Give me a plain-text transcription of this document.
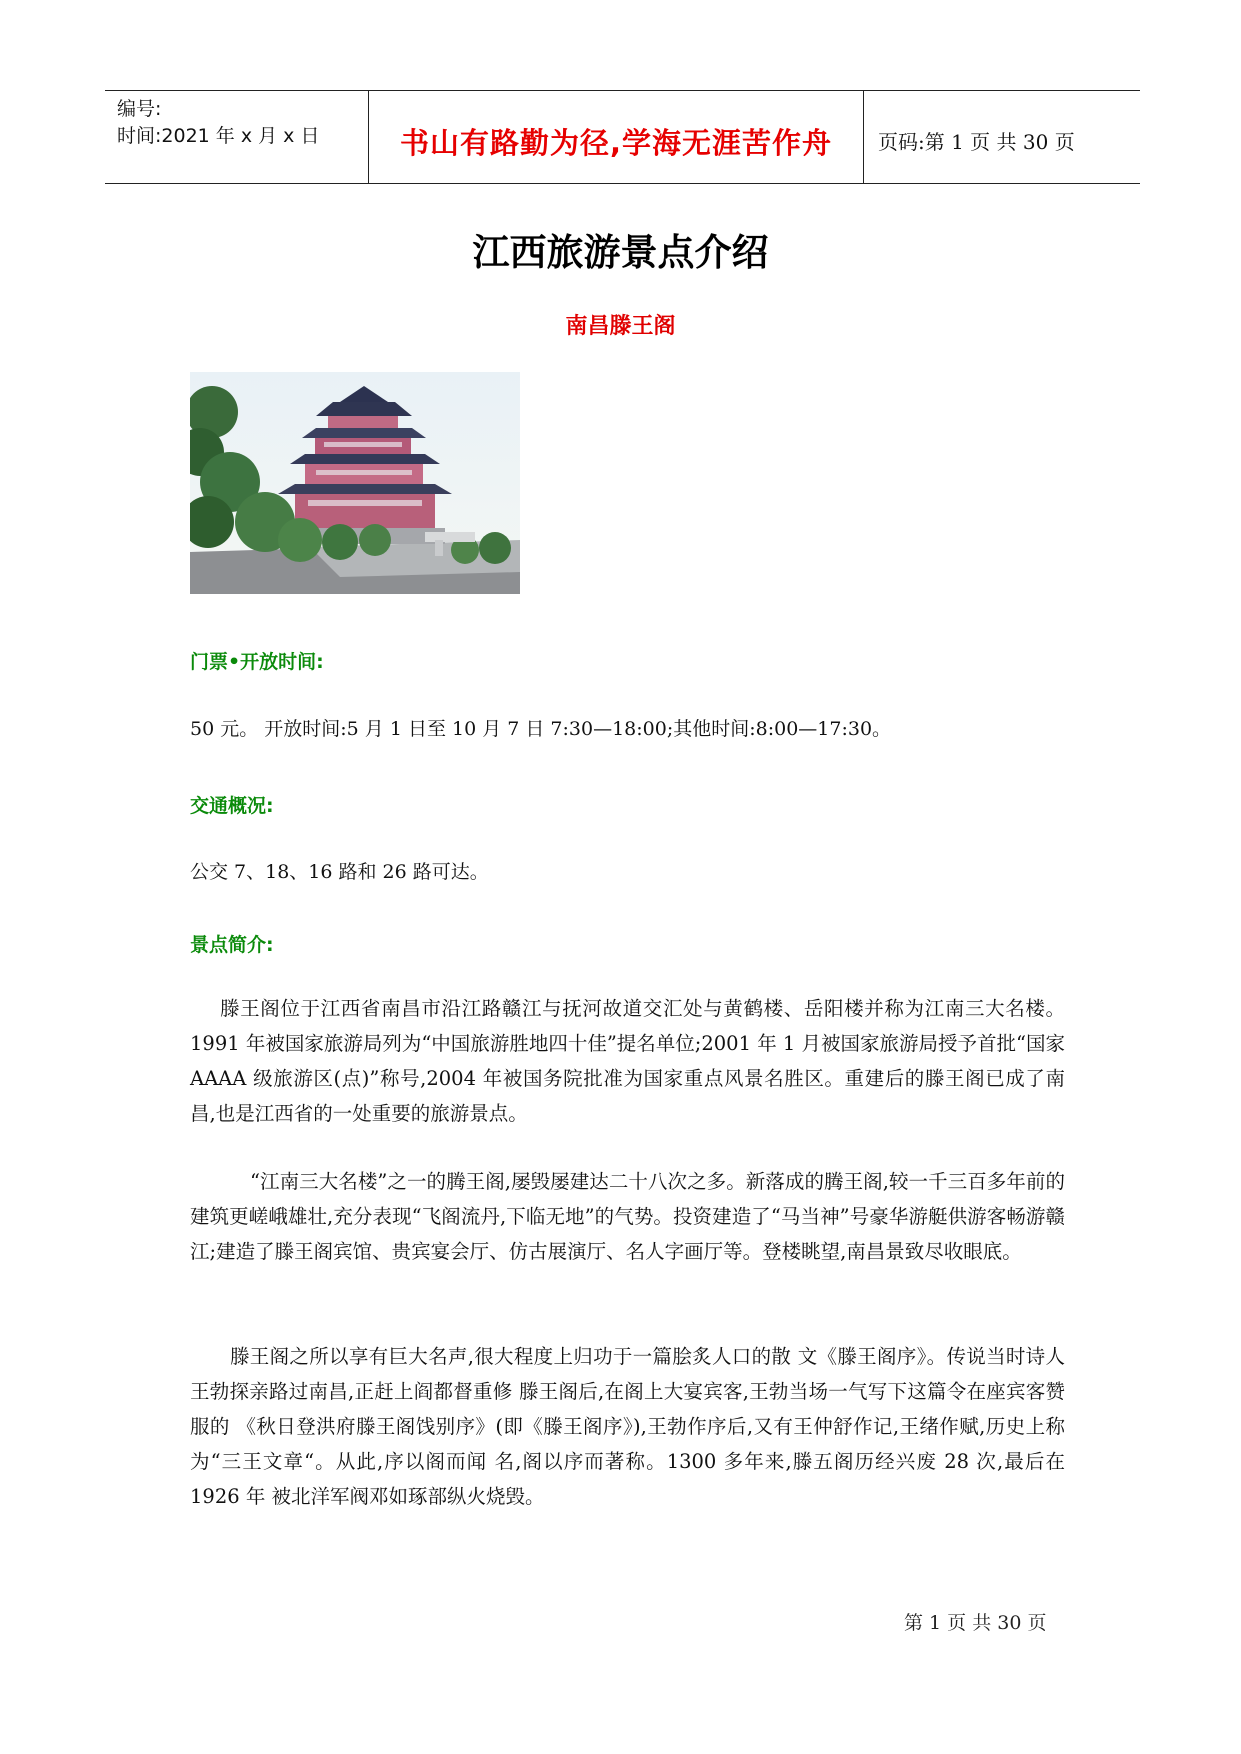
编号:
时间:2021 年 x 月 x 日	书山有路勤为径,学海无涯苦作舟	页码:第 1 页 共 30 页
江西旅游景点介绍
南昌滕王阁
门票•开放时间:
50 元。 开放时间:5 月 1 日至 10 月 7 日 7:30—18:00;其他时间:8:00—17:30。
交通概况:
公交 7、18、16 路和 26 路可达。
景点简介:

滕王阁位于江西省南昌市沿江路赣江与抚河故道交汇处与黄鹤楼、岳阳楼并称为江南三大名楼。1991 年被国家旅游局列为“中国旅游胜地四十佳”提名单位;2001 年 1 月被国家旅游局授予首批“国家 AAAA 级旅游区(点)”称号,2004 年被国务院批准为国家重点风景名胜区。重建后的滕王阁已成了南昌,也是江西省的一处重要的旅游景点。

“江南三大名楼”之一的腾王阁,屡毁屡建达二十八次之多。新落成的腾王阁,较一千三百多年前的建筑更嵯峨雄壮,充分表现“飞阁流丹,下临无地”的气势。投资建造了“马当神”号豪华游艇供游客畅游赣江;建造了滕王阁宾馆、贵宾宴会厅、仿古展演厅、名人字画厅等。登楼眺望,南昌景致尽收眼底。

滕王阁之所以享有巨大名声,很大程度上归功于一篇脍炙人口的散 文《滕王阁序》。传说当时诗人王勃探亲路过南昌,正赶上阎都督重修 滕王阁后,在阁上大宴宾客,王勃当场一气写下这篇令在座宾客赞服的 《秋日登洪府滕王阁饯别序》(即《滕王阁序》),王勃作序后,又有王仲舒作记,王绪作赋,历史上称为“三王文章“。从此,序以阁而闻 名,阁以序而著称。1300 多年来,滕五阁历经兴废 28 次,最后在 1926 年 被北洋军阀邓如琢部纵火烧毁。

第 1 页 共 30 页
